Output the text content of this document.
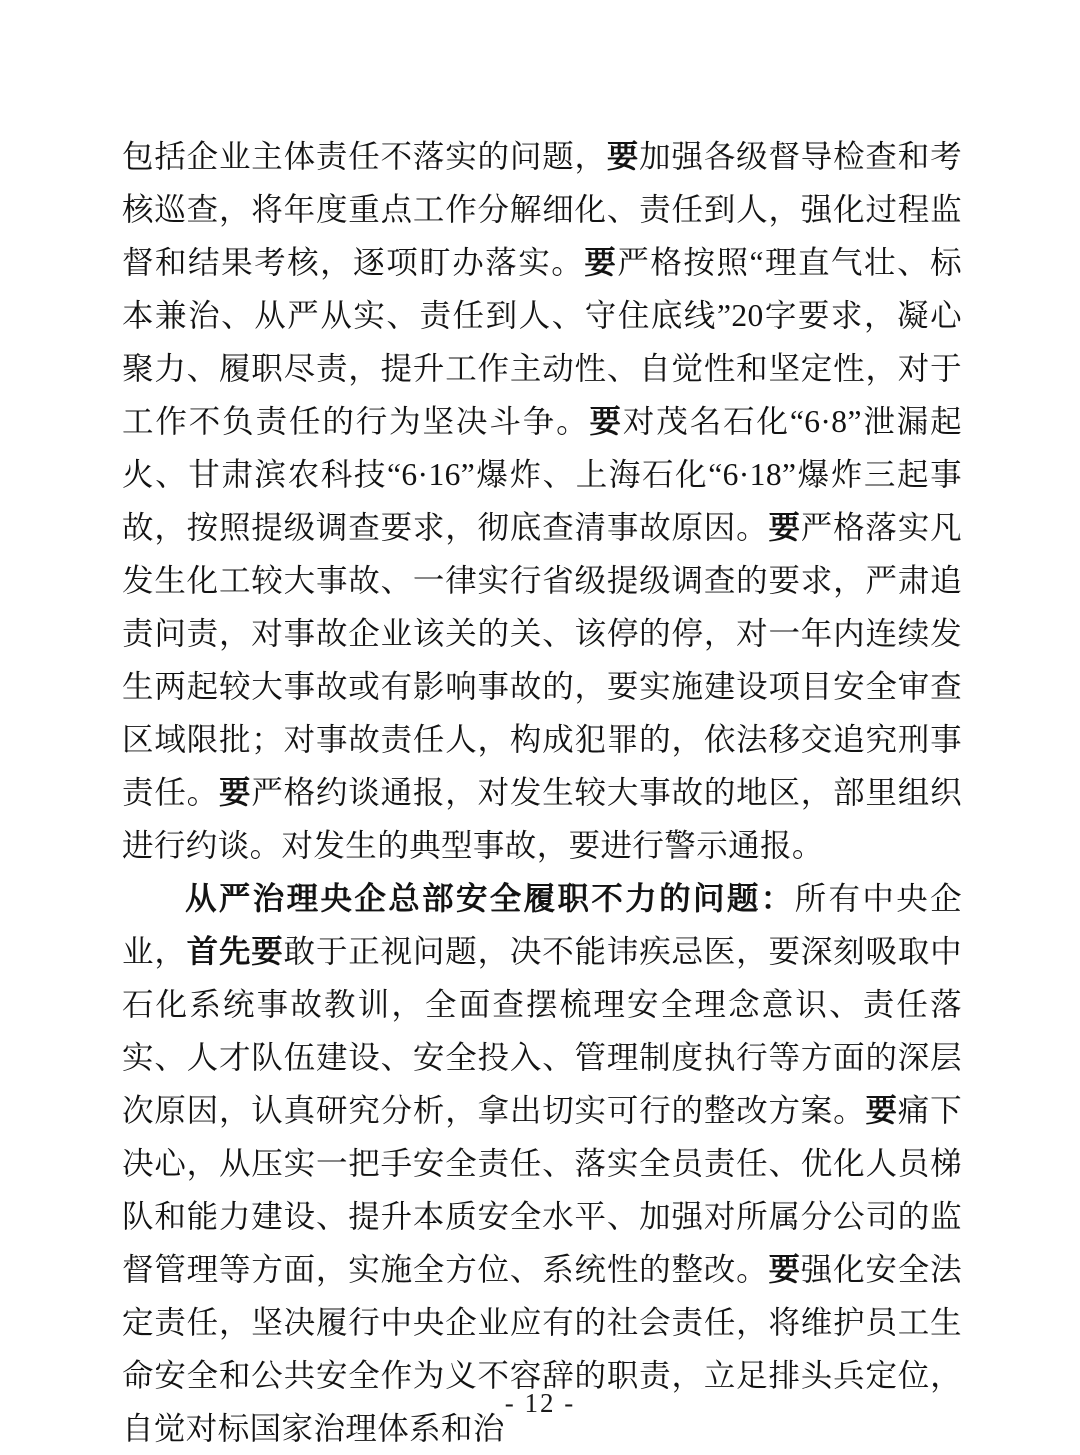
包括企业主体责任不落实的问题，要加强各级督导检查和考核巡查，将年度重点工作分解细化、责任到人，强化过程监督和结果考核，逐项盯办落实。要严格按照“理直气壮、标本兼治、从严从实、责任到人、守住底线”20字要求，凝心聚力、履职尽责，提升工作主动性、自觉性和坚定性，对于工作不负责任的行为坚决斗争。要对茂名石化“6·8”泄漏起火、甘肃滨农科技“6·16”爆炸、上海石化“6·18”爆炸三起事故，按照提级调查要求，彻底查清事故原因。要严格落实凡发生化工较大事故、一律实行省级提级调查的要求，严肃追责问责，对事故企业该关的关、该停的停，对一年内连续发生两起较大事故或有影响事故的，要实施建设项目安全审查区域限批；对事故责任人，构成犯罪的，依法移交追究刑事责任。要严格约谈通报，对发生较大事故的地区，部里组织进行约谈。对发生的典型事故，要进行警示通报。

从严治理央企总部安全履职不力的问题：所有中央企业，首先要敢于正视问题，决不能讳疾忌医，要深刻吸取中石化系统事故教训，全面查摆梳理安全理念意识、责任落实、人才队伍建设、安全投入、管理制度执行等方面的深层次原因，认真研究分析，拿出切实可行的整改方案。要痛下决心，从压实一把手安全责任、落实全员责任、优化人员梯队和能力建设、提升本质安全水平、加强对所属分公司的监督管理等方面，实施全方位、系统性的整改。要强化安全法定责任，坚决履行中央企业应有的社会责任，将维护员工生命安全和公共安全作为义不容辞的职责，立足排头兵定位，自觉对标国家治理体系和治

- 12 -
